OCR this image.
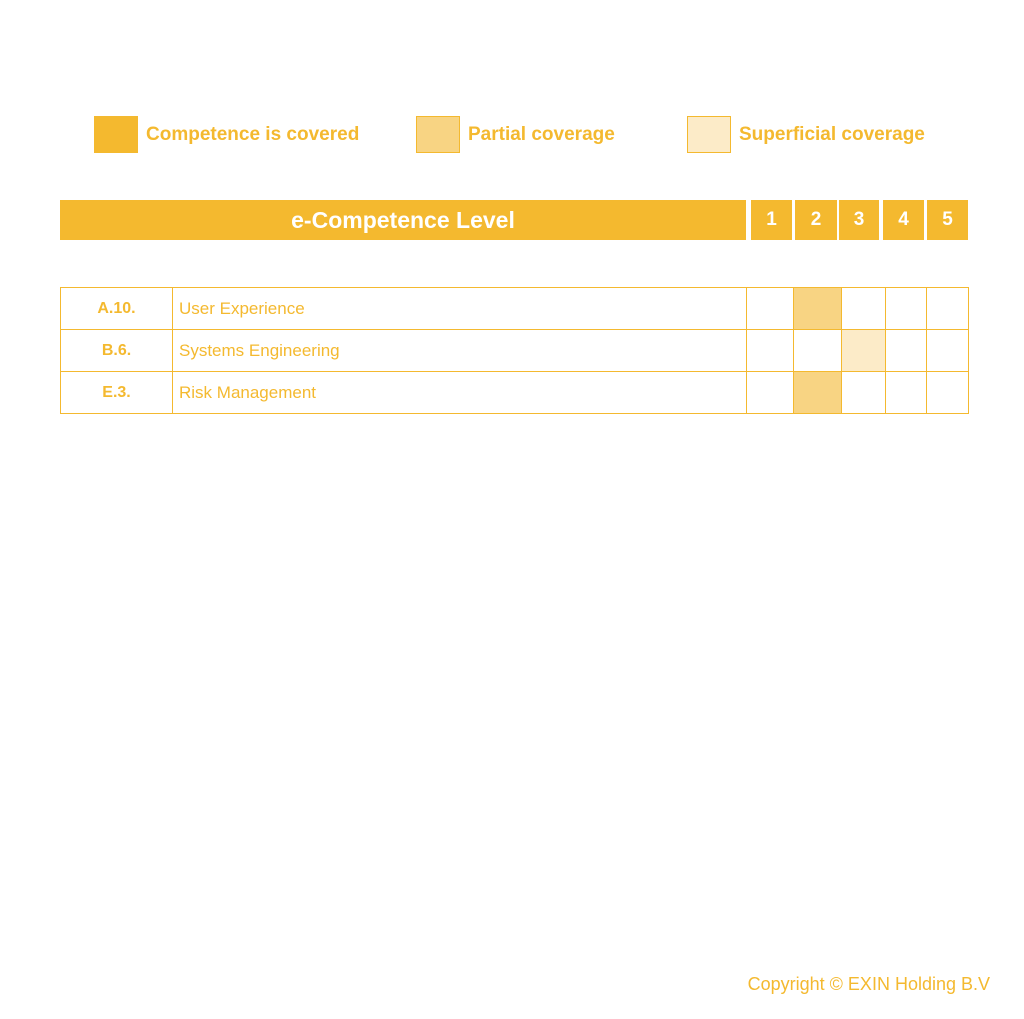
Competence is covered	Partial coverage	Superficial coverage
e-Competence Level	1	2	3	4	5
A.10.	User Experience					
B.6.	Systems Engineering					
E.3.	Risk Management					
Copyright © EXIN Holding B.V
